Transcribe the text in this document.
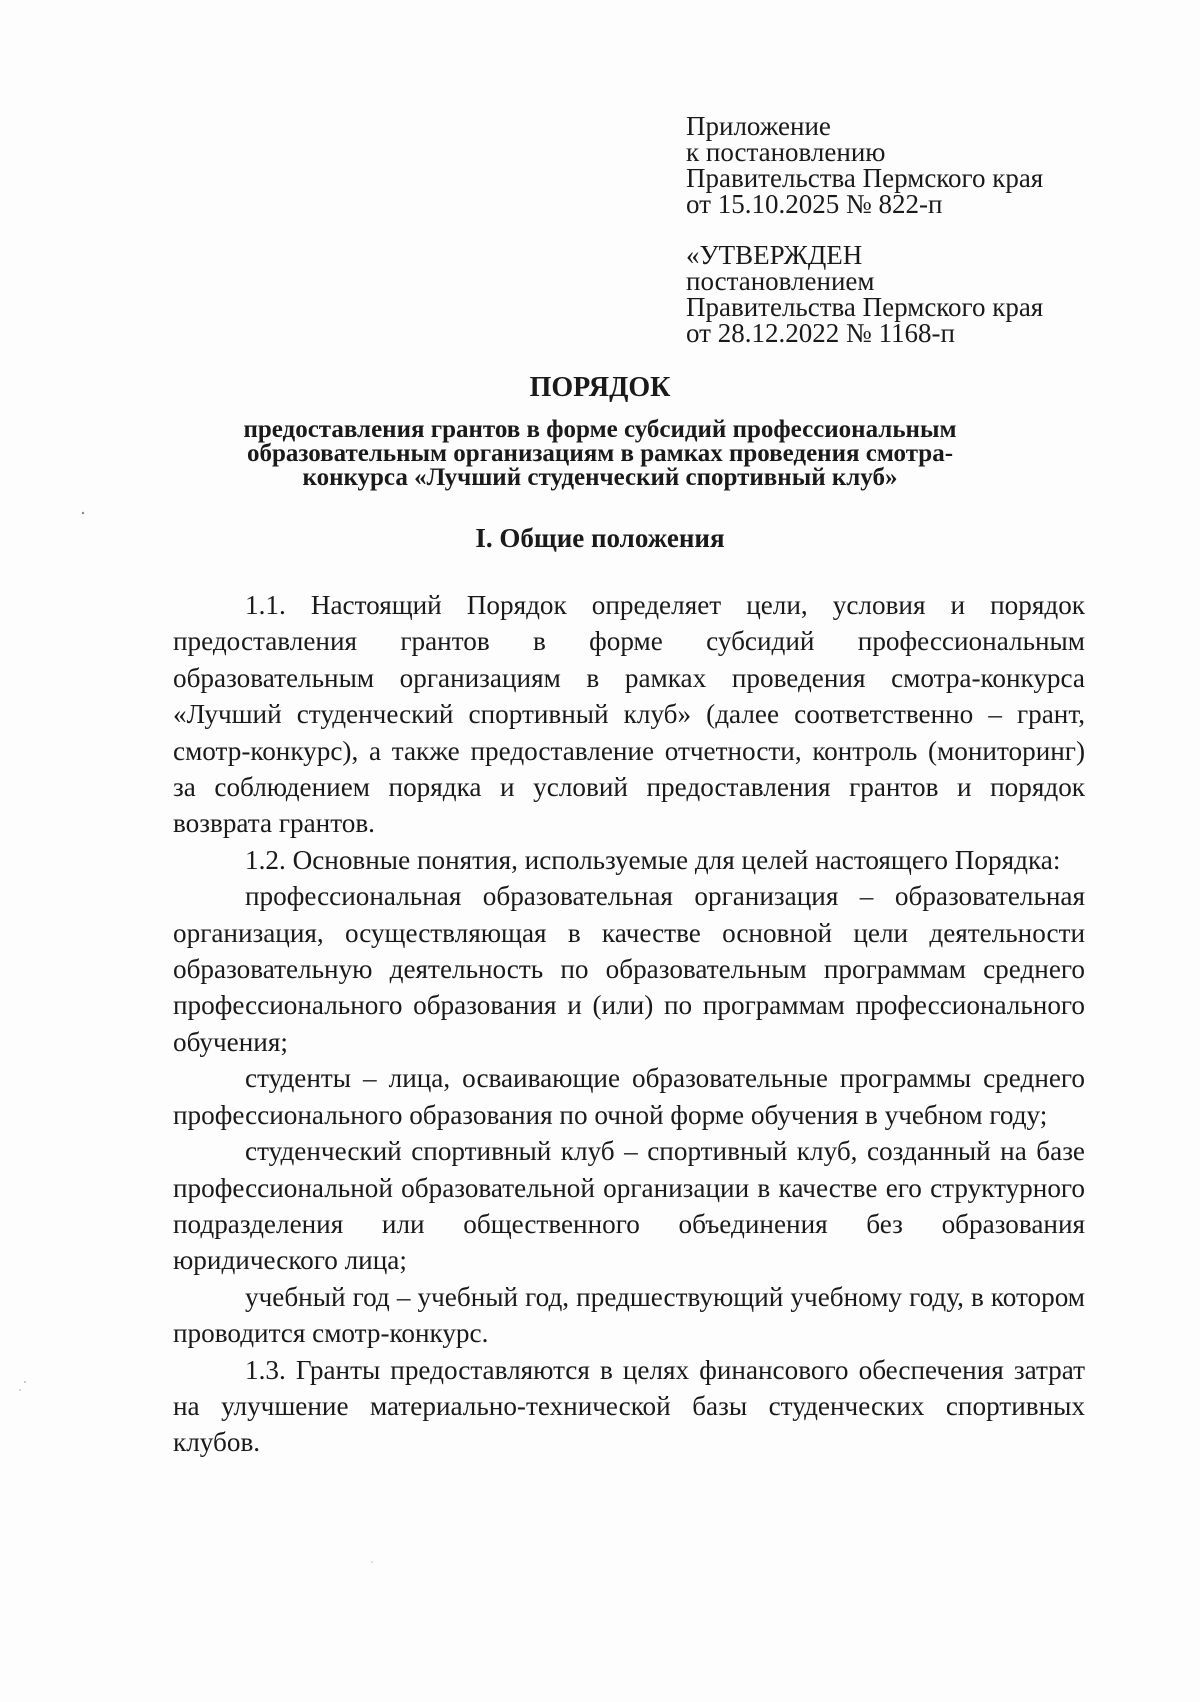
Приложение
к постановлению
Правительства Пермского края
от 15.10.2025 № 822-п
«УТВЕРЖДЕН
постановлением
Правительства Пермского края
от 28.12.2022 № 1168-п
ПОРЯДОК
предоставления грантов в форме субсидий профессиональным
образовательным организациям в рамках проведения смотра-
конкурса «Лучший студенческий спортивный клуб»
I. Общие положения

1.1. Настоящий Порядок определяет цели, условия и порядок предоставления грантов в форме субсидий профессиональным образовательным организациям в рамках проведения смотра-конкурса «Лучший студенческий спортивный клуб» (далее соответственно – грант, смотр-конкурс), а также предоставление отчетности, контроль (мониторинг) за соблюдением порядка и условий предоставления грантов и порядок возврата грантов.

1.2. Основные понятия, используемые для целей настоящего Порядка:

профессиональная образовательная организация – образовательная организация, осуществляющая в качестве основной цели деятельности образовательную деятельность по образовательным программам среднего профессионального образования и (или) по программам профессионального обучения;

студенты – лица, осваивающие образовательные программы среднего профессионального образования по очной форме обучения в учебном году;

студенческий спортивный клуб – спортивный клуб, созданный на базе профессиональной образовательной организации в качестве его структурного подразделения или общественного объединения без образования юридического лица;

учебный год – учебный год, предшествующий учебному году, в котором проводится смотр-конкурс.

1.3. Гранты предоставляются в целях финансового обеспечения затрат на улучшение материально-технической базы студенческих спортивных клубов.
